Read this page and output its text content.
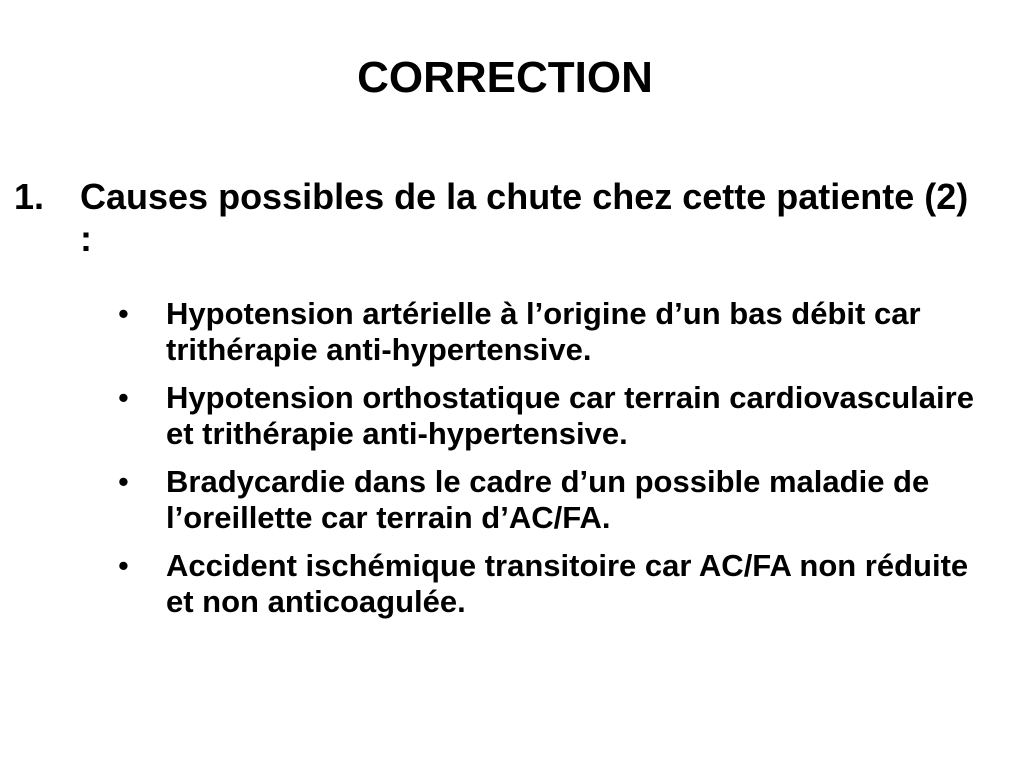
CORRECTION
1. Causes possibles de la chute chez cette patiente (2) :
•	Hypotension artérielle à l’origine d’un bas débit car trithérapie anti-hypertensive.
•	Hypotension orthostatique car terrain cardiovasculaire et trithérapie anti-hypertensive.
•	Bradycardie dans le cadre d’un possible maladie de l’oreillette car terrain d’AC/FA.
•	Accident ischémique transitoire car AC/FA non réduite et non anticoagulée.
